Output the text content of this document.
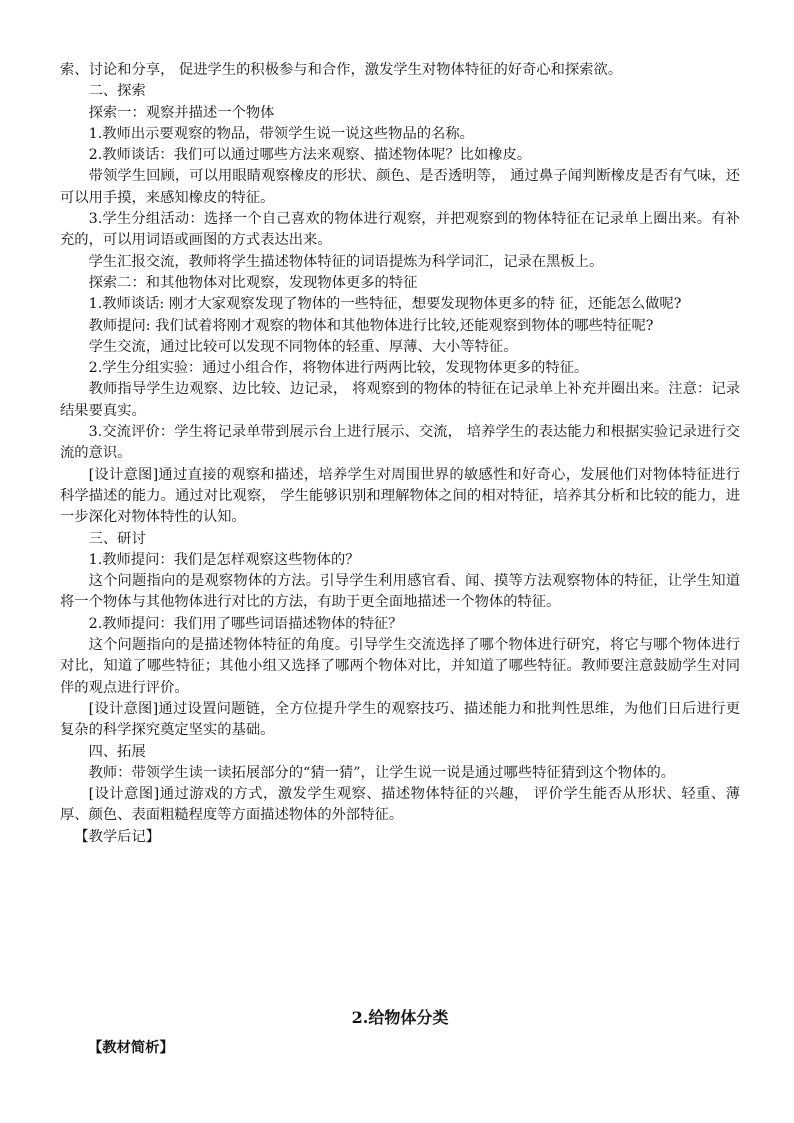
索、讨论和分享， 促进学生的积极参与和合作，激发学生对物体特征的好奇心和探索欲。

二、探索

探索一：观察并描述一个物体

1.教师出示要观察的物品，带领学生说一说这些物品的名称。

2.教师谈话：我们可以通过哪些方法来观察、描述物体呢？比如橡皮。

带领学生回顾，可以用眼睛观察橡皮的形状、颜色、是否透明等， 通过鼻子闻判断橡皮是否有气味，还可以用手摸，来感知橡皮的特征。

3.学生分组活动：选择一个自己喜欢的物体进行观察，并把观察到的物体特征在记录单上圈出来。有补充的，可以用词语或画图的方式表达出来。

学生汇报交流，教师将学生描述物体特征的词语提炼为科学词汇，记录在黑板上。

探索二：和其他物体对比观察，发现物体更多的特征

1.教师谈话: 刚才大家观察发现了物体的一些特征，想要发现物体更多的特 征，还能怎么做呢?

教师提问: 我们试着将刚才观察的物体和其他物体进行比较,还能观察到物体的哪些特征呢?

学生交流，通过比较可以发现不同物体的轻重、厚薄、大小等特征。

2.学生分组实验：通过小组合作，将物体进行两两比较，发现物体更多的特征。

教师指导学生边观察、边比较、边记录， 将观察到的物体的特征在记录单上补充并圈出来。注意：记录结果要真实。

3.交流评价：学生将记录单带到展示台上进行展示、交流， 培养学生的表达能力和根据实验记录进行交流的意识。

[设计意图]通过直接的观察和描述，培养学生对周围世界的敏感性和好奇心，发展他们对物体特征进行科学描述的能力。通过对比观察， 学生能够识别和理解物体之间的相对特征，培养其分析和比较的能力，进一步深化对物体特性的认知。

三、研讨

1.教师提问：我们是怎样观察这些物体的？

这个问题指向的是观察物体的方法。引导学生利用感官看、闻、摸等方法观察物体的特征，让学生知道将一个物体与其他物体进行对比的方法，有助于更全面地描述一个物体的特征。

2.教师提问：我们用了哪些词语描述物体的特征？

这个问题指向的是描述物体特征的角度。引导学生交流选择了哪个物体进行研究，将它与哪个物体进行对比，知道了哪些特征；其他小组又选择了哪两个物体对比，并知道了哪些特征。教师要注意鼓励学生对同伴的观点进行评价。

[设计意图]通过设置问题链，全方位提升学生的观察技巧、描述能力和批判性思维，为他们日后进行更复杂的科学探究奠定坚实的基础。

四、拓展

教师：带领学生读一读拓展部分的“猜一猜”，让学生说一说是通过哪些特征猜到这个物体的。

[设计意图]通过游戏的方式，激发学生观察、描述物体特征的兴趣， 评价学生能否从形状、轻重、薄厚、颜色、表面粗糙程度等方面描述物体的外部特征。

【教学后记】

2.给物体分类
【教材简析】
